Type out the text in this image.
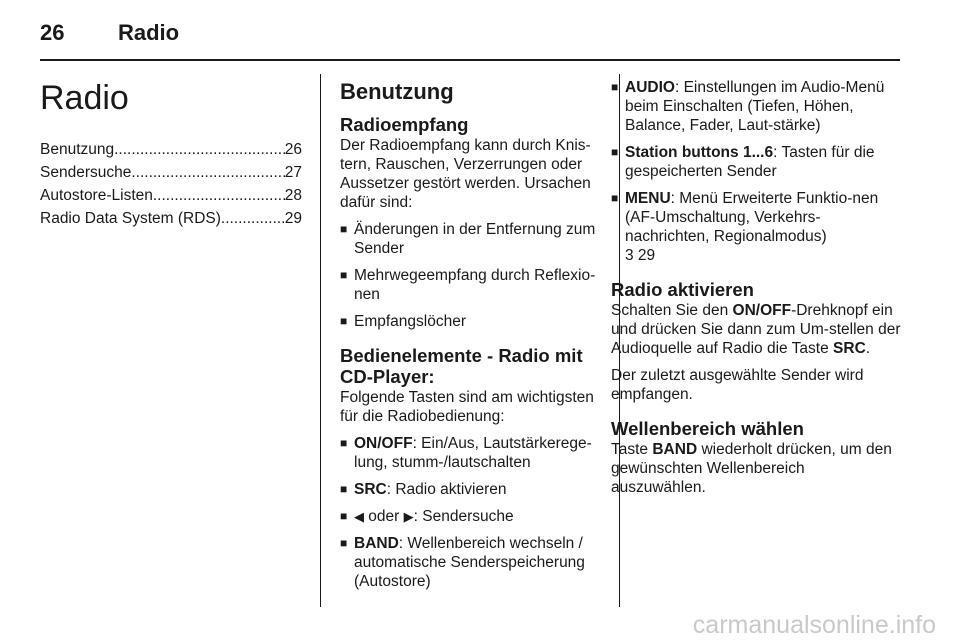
26 Radio
Radio
Benutzung .....	26
Sendersuche .....	27
Autostore-Listen .....	28
Radio Data System (RDS) .....	29
Benutzung
Radioempfang

Der Radioempfang kann durch Knis-tern, Rauschen, Verzerrungen oder Aussetzer gestört werden. Ursachen dafür sind:

■ Änderungen in der Entfernung zum Sender
■ Mehrwegeempfang durch Reflexio-nen
■ Empfangslöcher
Bedienelemente - Radio mit CD-Player:

Folgende Tasten sind am wichtigsten für die Radiobedienung:

■ ON/OFF: Ein/Aus, Lautstärkerege-lung, stumm-/lautschalten
■ SRC: Radio aktivieren
■ ◀ oder ▶: Sendersuche
■ BAND: Wellenbereich wechseln / automatische Senderspeicherung (Autostore)
■ AUDIO: Einstellungen im Audio-Menü beim Einschalten (Tiefen, Höhen, Balance, Fader, Laut-stärke)
■ Station buttons 1...6: Tasten für die gespeicherten Sender
■ MENU: Menü Erweiterte Funktio-nen (AF-Umschaltung, Verkehrs-nachrichten, Regionalmodus)
3 29
Radio aktivieren

Schalten Sie den ON/OFF-Drehknopf ein und drücken Sie dann zum Um-stellen der Audioquelle auf Radio die Taste SRC.

Der zuletzt ausgewählte Sender wird empfangen.

Wellenbereich wählen

Taste BAND wiederholt drücken, um den gewünschten Wellenbereich auszuwählen.

carmanualsonline.info
